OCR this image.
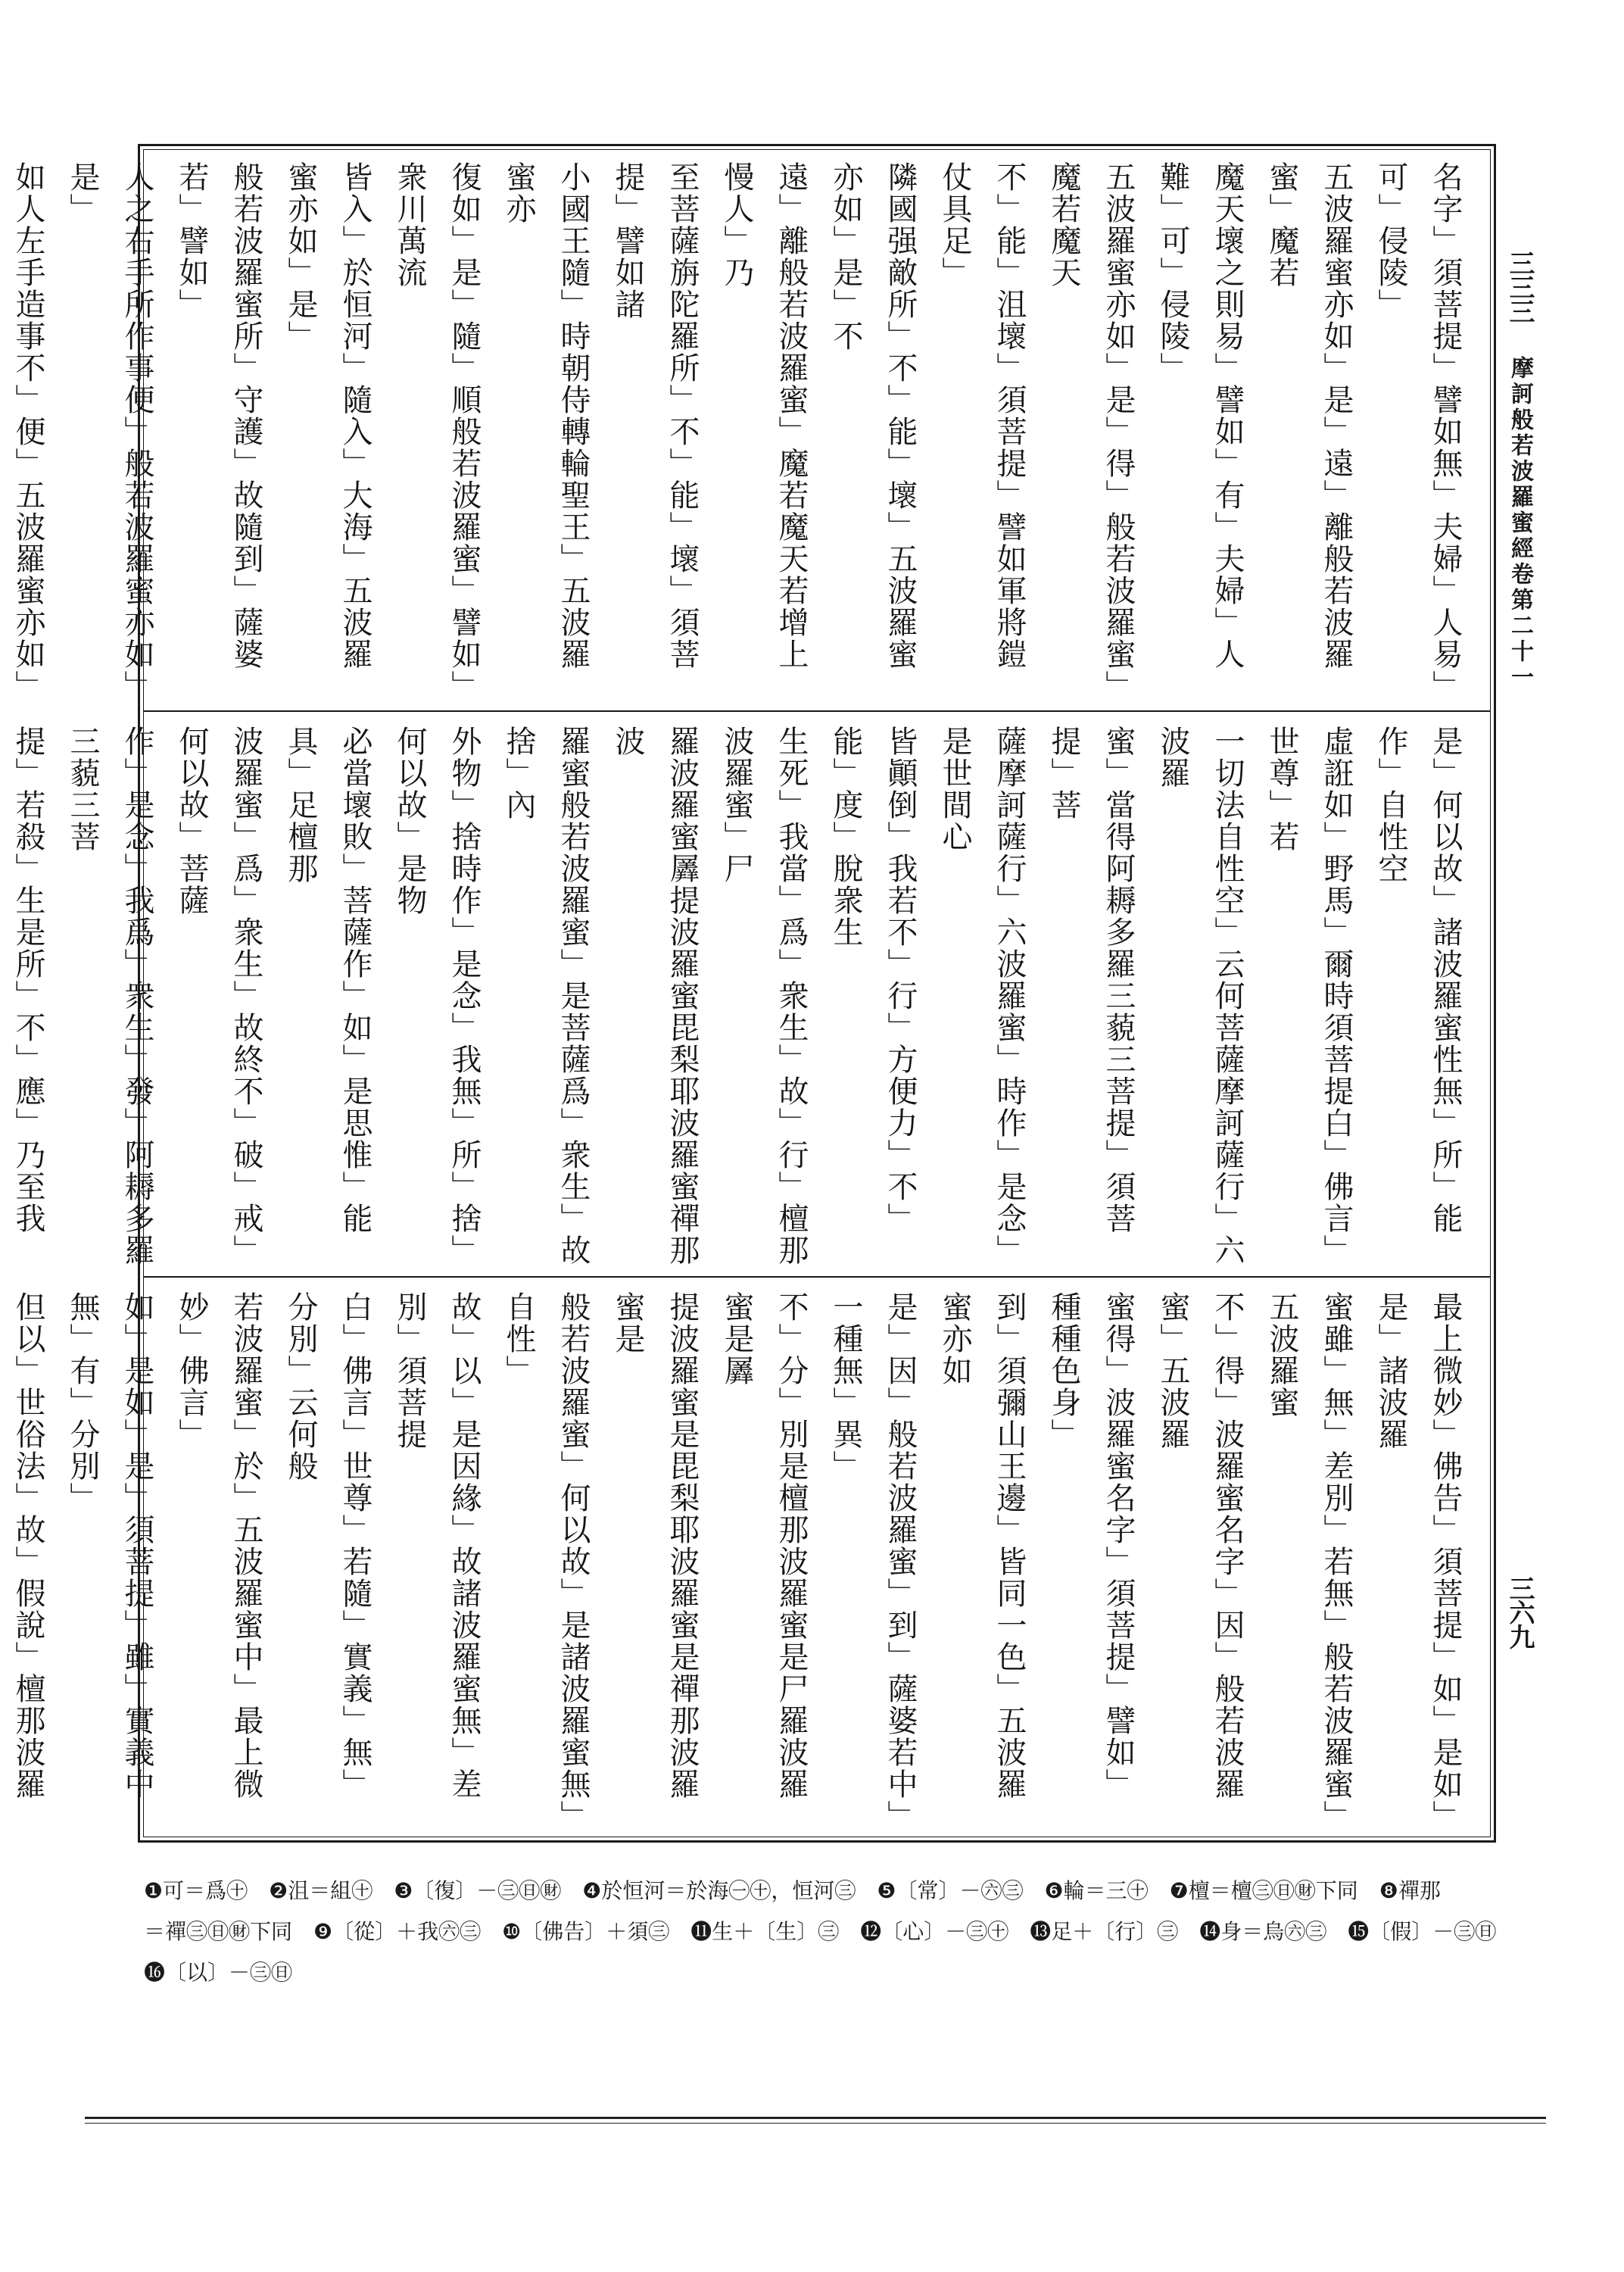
三三三
摩訶般若波羅蜜經卷第二十一
三六九
名字」須菩提」譬如無」夫婦」人易」可」侵陵」
五波羅蜜亦如」是」遠」離般若波羅蜜」魔若
魔天壞之則易」譬如」有」夫婦」人難」可」侵陵」
五波羅蜜亦如」是」得」般若波羅蜜」魔若魔天
不」能」沮壞」須菩提」譬如軍將鎧仗具足」
隣國强敵所」不」能」壞」五波羅蜜亦如」是」不
遠」離般若波羅蜜」魔若魔天若增上慢人」乃
至菩薩旃陀羅所」不」能」壞」須菩提」譬如諸
小國王隨」時朝侍轉輪聖王」五波羅蜜亦
復如」是」隨」順般若波羅蜜」譬如」衆川萬流
皆入」於恒河」隨入」大海」五波羅蜜亦如」是」
般若波羅蜜所」守護」故隨到」薩婆若」譬如」
人之右手所作事便」般若波羅蜜亦如」是」
如人左手造事不」便」五波羅蜜亦如」

是」何以故」諸波羅蜜性無」所」能作」自性空
虛誑如」野馬」爾時須菩提白」佛言」世尊」若
一切法自性空」云何菩薩摩訶薩行」六波羅
蜜」當得阿耨多羅三藐三菩提」須菩提」菩
薩摩訶薩行」六波羅蜜」時作」是念」是世間心
皆顚倒」我若不」行」方便力」不」能」度」脫衆生
生死」我當」爲」衆生」故」行」檀那波羅蜜」尸
羅波羅蜜羼提波羅蜜毘梨耶波羅蜜禪那波
羅蜜般若波羅蜜」是菩薩爲」衆生」故捨」內
外物」捨時作」是念」我無」所」捨」何以故」是物
必當壞敗」菩薩作」如」是思惟」能具」足檀那
波羅蜜」爲」衆生」故終不」破」戒」何以故」菩薩
作」是念」我爲」衆生」發」阿耨多羅三藐三菩
提」若殺」生是所」不」應」乃至我

最上微妙」佛告」須菩提」如」是如」是」諸波羅
蜜雖」無」差別」若無」般若波羅蜜」五波羅蜜
不」得」波羅蜜名字」因」般若波羅蜜」五波羅
蜜得」波羅蜜名字」須菩提」譬如」種種色身」
到」須彌山王邊」皆同一色」五波羅蜜亦如
是」因」般若波羅蜜」到」薩婆若中」一種無」異」
不」分」別是檀那波羅蜜是尸羅波羅蜜是羼
提波羅蜜是毘梨耶波羅蜜是禪那波羅蜜是
般若波羅蜜」何以故」是諸波羅蜜無」自性」
故」以」是因緣」故諸波羅蜜無」差別」須菩提
白」佛言」世尊」若隨」實義」無」分別」云何般
若波羅蜜」於」五波羅蜜中」最上微妙」佛言」
如」是如」是」須菩提」雖」實義中無」有」分別」
但以」世俗法」故」假說」檀那波羅

❶可＝爲㊉　❷沮＝組㊉　❸〔復〕－㊂㊐㊖　❹於恒河＝於海㊀㊉，恒河㊂　❺〔常〕－㊅㊂　❻輪＝三㊉　❼檀＝檀㊂㊐㊖下同　❽禪那
＝禪㊂㊐㊖下同　❾〔從〕＋我㊅㊂　❿〔佛告〕＋須㊂　⓫生＋〔生〕㊂　⓬〔心〕－㊂㊉　⓭足＋〔行〕㊂　⓮身＝烏㊅㊂　⓯〔假〕－㊂㊐
⓰〔以〕－㊂㊐
